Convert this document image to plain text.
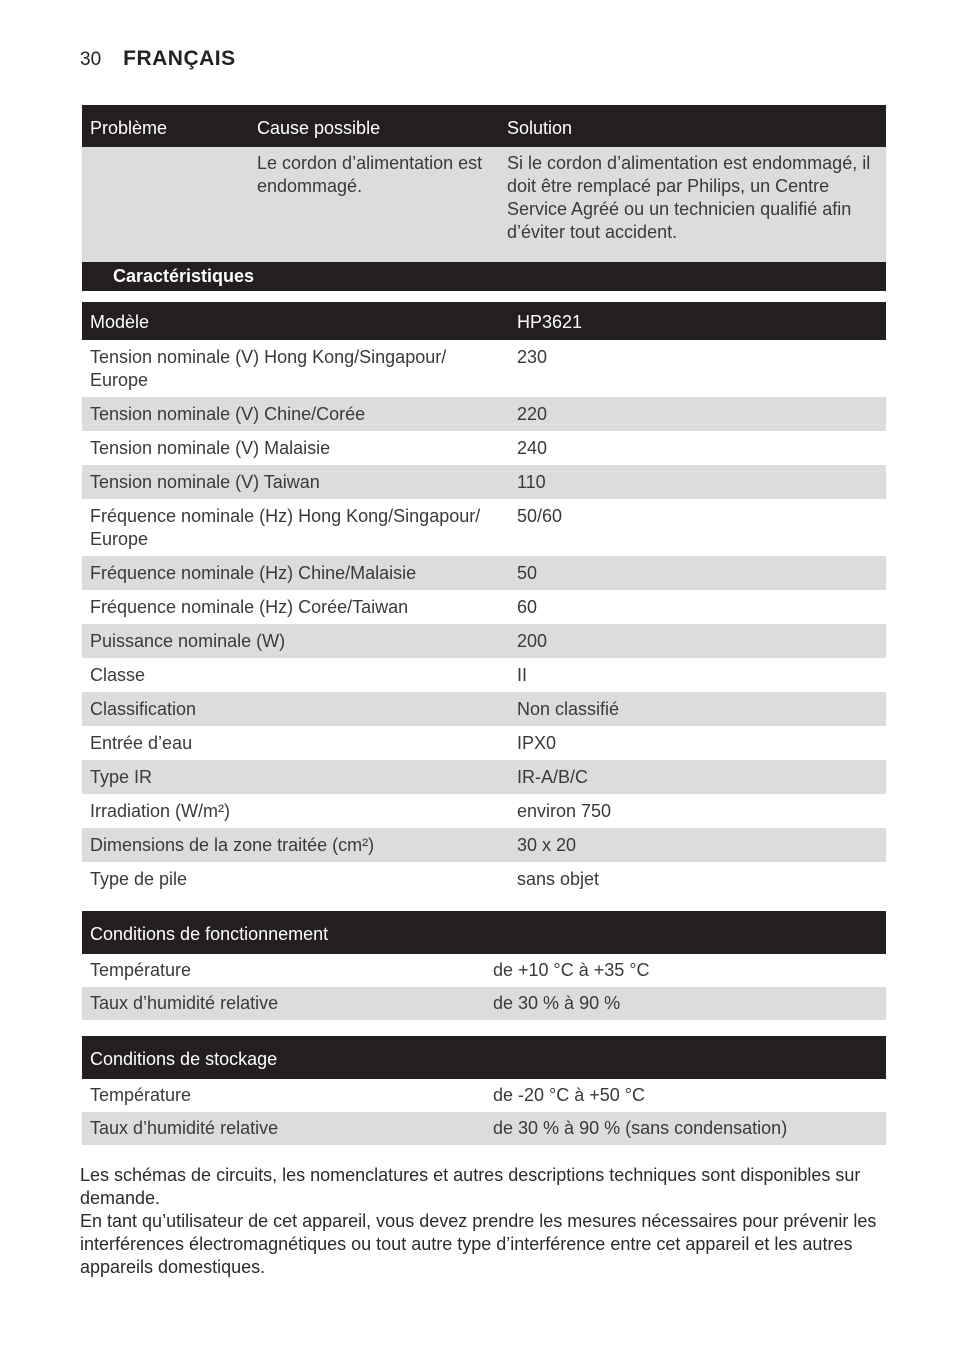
30 FRANÇAIS
Problème	Cause possible	Solution
	Le cordon d’alimentation est endommagé.	Si le cordon d’alimentation est endommagé, il doit être remplacé par Philips, un Centre Service Agréé ou un technicien qualifié afin d’éviter tout accident.
Caractéristiques
Modèle	HP3621
Tension nominale (V) Hong Kong/Singapour/ Europe	230
Tension nominale (V) Chine/Corée	220
Tension nominale (V) Malaisie	240
Tension nominale (V) Taiwan	110
Fréquence nominale (Hz) Hong Kong/Singapour/ Europe	50/60
Fréquence nominale (Hz) Chine/Malaisie	50
Fréquence nominale (Hz) Corée/Taiwan	60
Puissance nominale (W)	200
Classe	II
Classification	Non classifié
Entrée d’eau	IPX0
Type IR	IR-A/B/C
Irradiation (W/m²)	environ 750
Dimensions de la zone traitée (cm²)	30 x 20
Type de pile	sans objet
Conditions de fonctionnement	
Température	de +10 °C à +35 °C
Taux d’humidité relative	de 30 % à 90 %
Conditions de stockage	
Température	de -20 °C à +50 °C
Taux d’humidité relative	de 30 % à 90 % (sans condensation)

Les schémas de circuits, les nomenclatures et autres descriptions techniques sont disponibles sur demande.

En tant qu’utilisateur de cet appareil, vous devez prendre les mesures nécessaires pour prévenir les interférences électromagnétiques ou tout autre type d’interférence entre cet appareil et les autres appareils domestiques.
